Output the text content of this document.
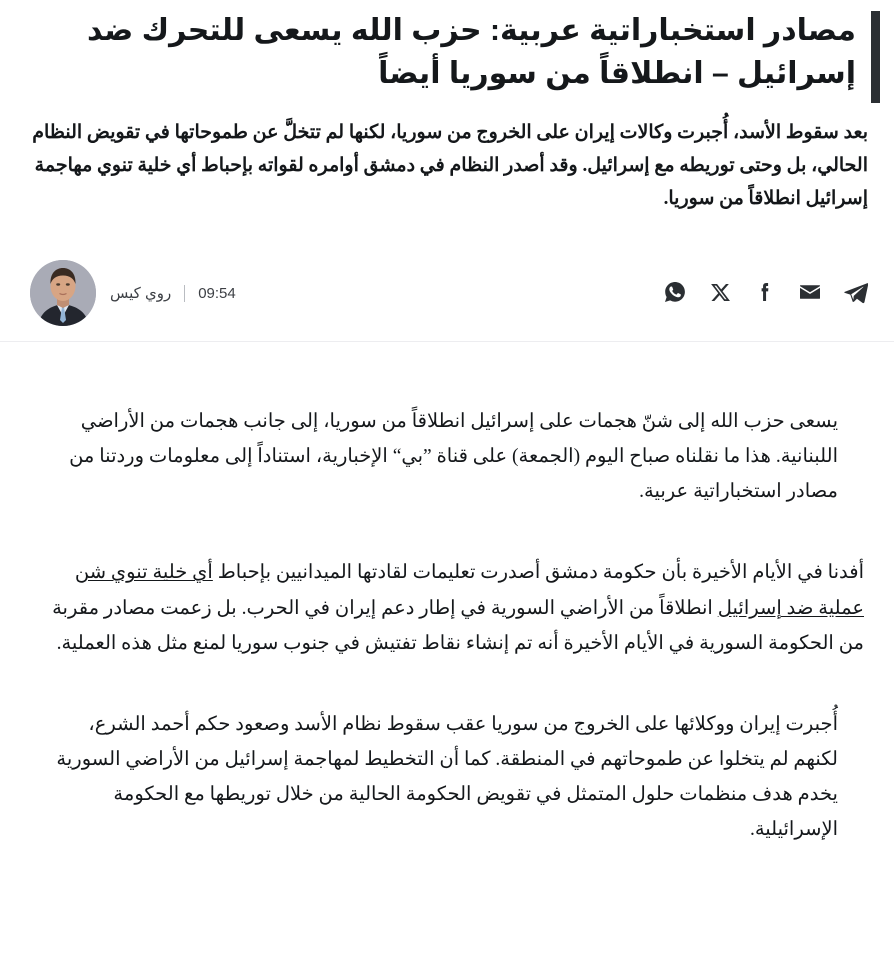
مصادر استخباراتية عربية: حزب الله يسعى للتحرك ضد
إسرائيل – انطلاقاً من سوريا أيضاً

بعد سقوط الأسد، أُجبرت وكالات إيران على الخروج من سوريا، لكنها لم تتخلَّ عن طموحاتها في تقويض النظام الحالي، بل وحتى توريطه مع إسرائيل. وقد أصدر النظام في دمشق أوامره لقواته بإحباط أي خلية تنوي مهاجمة إسرائيل انطلاقاً من سوريا.

روي كيس 09:54

يسعى حزب الله إلى شنّ هجمات على إسرائيل انطلاقاً من سوريا، إلى جانب هجمات من الأراضي اللبنانية. هذا ما نقلناه صباح اليوم (الجمعة) على قناة ”بي“ الإخبارية، استناداً إلى معلومات وردتنا من مصادر استخباراتية عربية.

أفدنا في الأيام الأخيرة بأن حكومة دمشق أصدرت تعليمات لقادتها الميدانيين بإحباط أي خلية تنوي شن عملية ضد إسرائيل انطلاقاً من الأراضي السورية في إطار دعم إيران في الحرب. بل زعمت مصادر مقربة من الحكومة السورية في الأيام الأخيرة أنه تم إنشاء نقاط تفتيش في جنوب سوريا لمنع مثل هذه العملية.

أُجبرت إيران ووكلائها على الخروج من سوريا عقب سقوط نظام الأسد وصعود حكم أحمد الشرع، لكنهم لم يتخلوا عن طموحاتهم في المنطقة. كما أن التخطيط لمهاجمة إسرائيل من الأراضي السورية يخدم هدف منظمات حلول المتمثل في تقويض الحكومة الحالية من خلال توريطها مع الحكومة الإسرائيلية.
